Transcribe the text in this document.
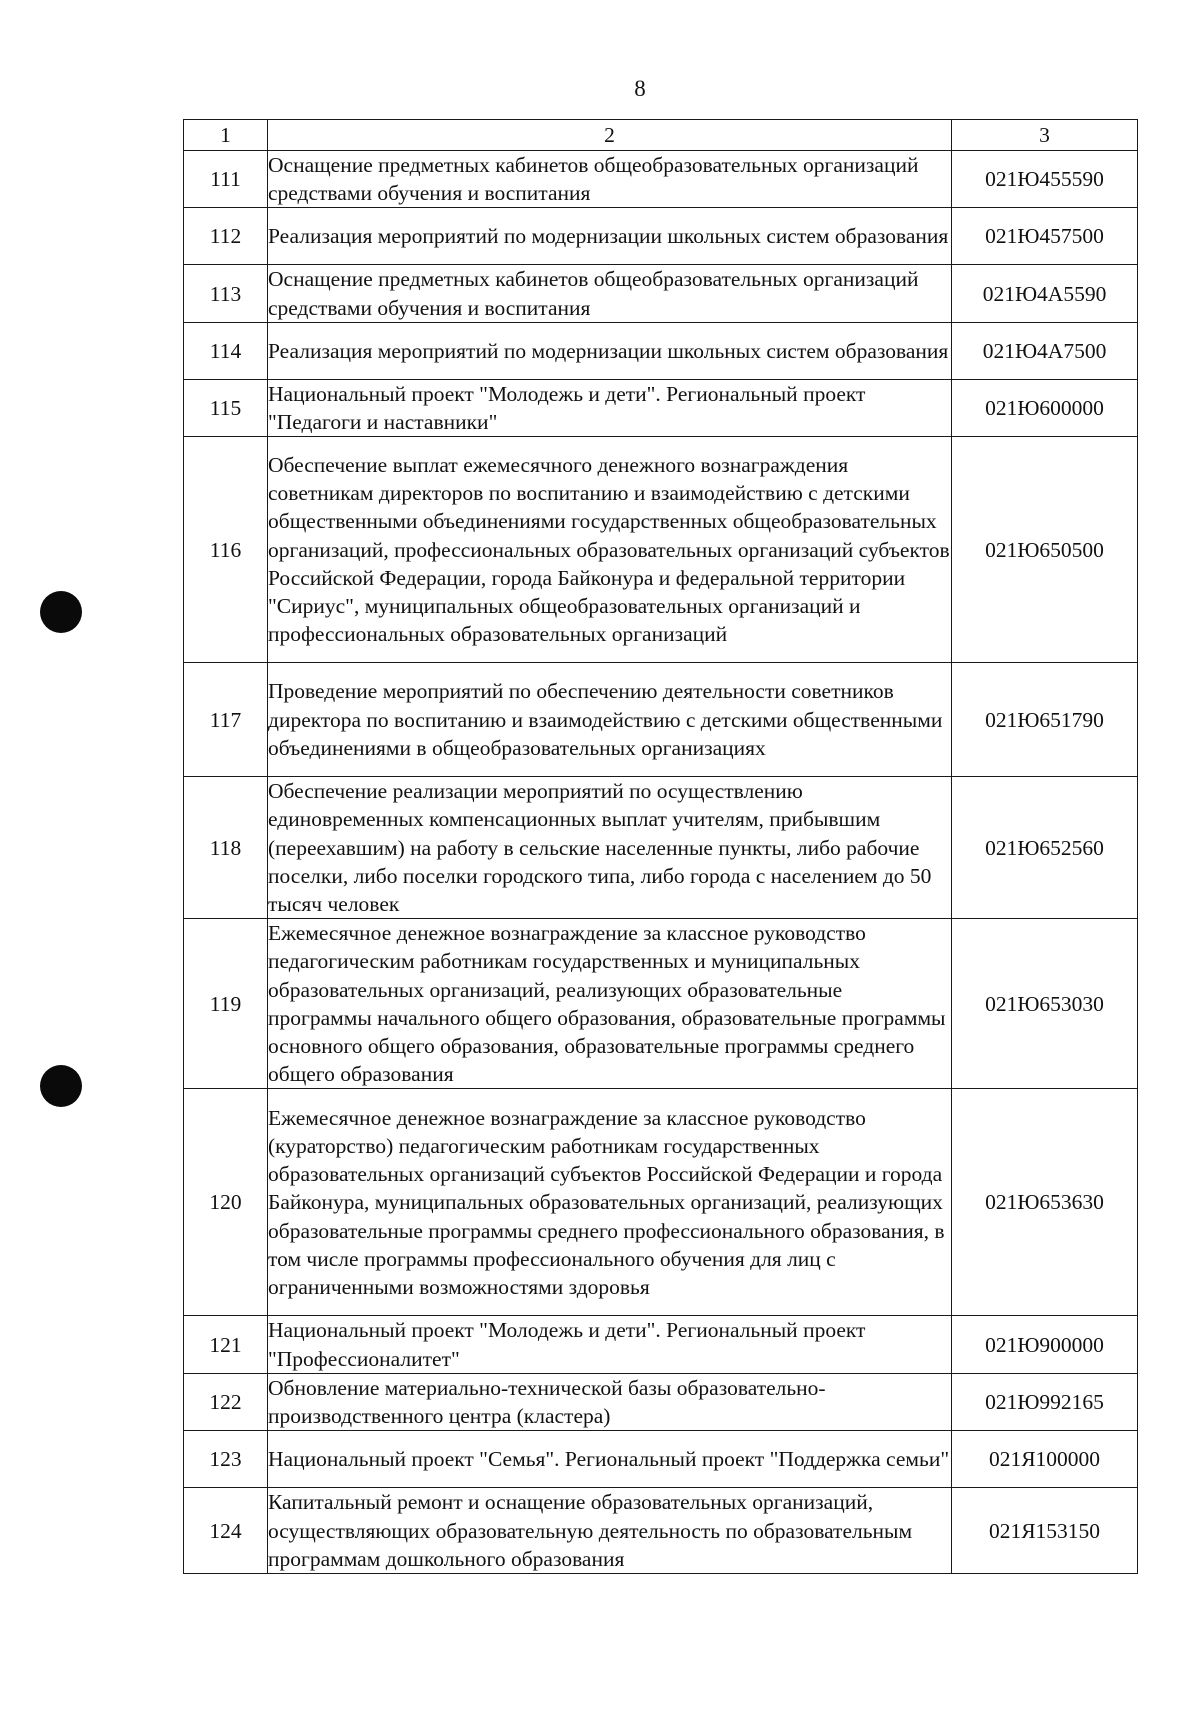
8
1	2	3
111	Оснащение предметных кабинетов общеобразовательных организаций средствами обучения и воспитания	021Ю455590
112	Реализация мероприятий по модернизации школьных систем образования	021Ю457500
113	Оснащение предметных кабинетов общеобразовательных организаций средствами обучения и воспитания	021Ю4А5590
114	Реализация мероприятий по модернизации школьных систем образования	021Ю4А7500
115	Национальный проект "Молодежь и дети". Региональный проект "Педагоги и наставники"	021Ю600000
116	Обеспечение выплат ежемесячного денежного вознаграждения советникам директоров по воспитанию и взаимодействию с детскими общественными объединениями государственных общеобразовательных организаций, профессиональных образовательных организаций субъектов Российской Федерации, города Байконура и федеральной территории "Сириус", муниципальных общеобразовательных организаций и профессиональных образовательных организаций	021Ю650500
117	Проведение мероприятий по обеспечению деятельности советников директора по воспитанию и взаимодействию с детскими общественными объединениями в общеобразовательных организациях	021Ю651790
118	Обеспечение реализации мероприятий по осуществлению единовременных компенсационных выплат учителям, прибывшим (переехавшим) на работу в сельские населенные пункты, либо рабочие поселки, либо поселки городского типа, либо города с населением до 50 тысяч человек	021Ю652560
119	Ежемесячное денежное вознаграждение за классное руководство педагогическим работникам государственных и муниципальных образовательных организаций, реализующих образовательные программы начального общего образования, образовательные программы основного общего образования, образовательные программы среднего общего образования	021Ю653030
120	Ежемесячное денежное вознаграждение за классное руководство (кураторство) педагогическим работникам государственных образовательных организаций субъектов Российской Федерации и города Байконура, муниципальных образовательных организаций, реализующих образовательные программы среднего профессионального образования, в том числе программы профессионального обучения для лиц с ограниченными возможностями здоровья	021Ю653630
121	Национальный проект "Молодежь и дети". Региональный проект "Профессионалитет"	021Ю900000
122	Обновление материально-технической базы образовательно-производственного центра (кластера)	021Ю992165
123	Национальный проект "Семья". Региональный проект "Поддержка семьи"	021Я100000
124	Капитальный ремонт и оснащение образовательных организаций, осуществляющих образовательную деятельность по образовательным программам дошкольного образования	021Я153150
